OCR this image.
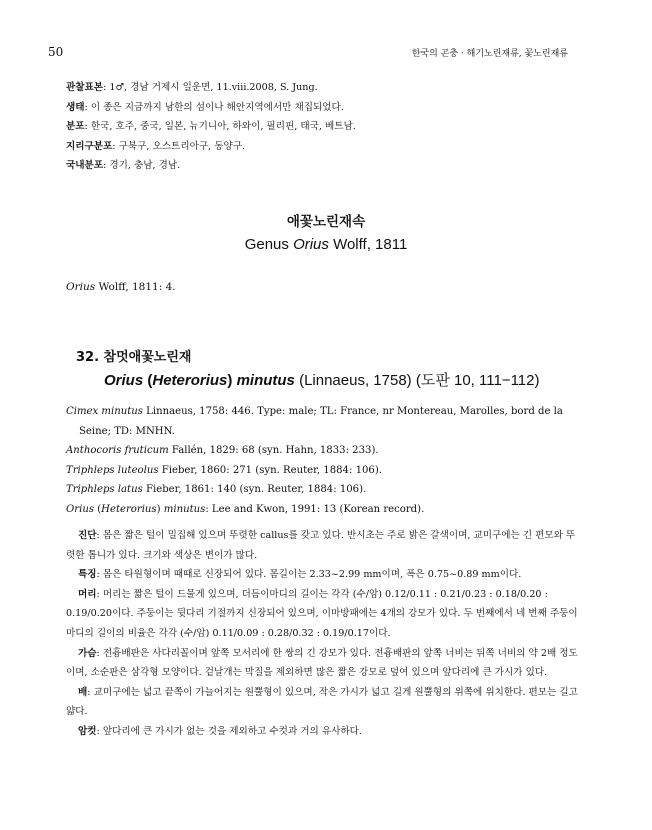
50	한국의 곤충 · 해기노린재류, 꽃노린재류
관찰표본: 1♂, 경남 거제시 일운면, 11.viii.2008, S. Jung.
생태: 이 종은 지금까지 남한의 섬이나 해안지역에서만 채집되었다.
분포: 한국, 호주, 중국, 일본, 뉴기니아, 하와이, 필리핀, 태국, 베트남.
지리구분포: 구북구, 오스트리아구, 동양구.
국내분포: 경기, 충남, 경남.
애꽃노린재속
Genus Orius Wolff, 1811
Orius Wolff, 1811: 4.
32. 참멋애꽃노린재
Orius (Heterorius) minutus (Linnaeus, 1758) (도판 10, 111−112)

Cimex minutus Linnaeus, 1758: 446. Type: male; TL: France, nr Montereau, Marolles, bord de la

Seine; TD: MNHN.

Anthocoris fruticum Fallén, 1829: 68 (syn. Hahn, 1833: 233).

Triphleps luteolus Fieber, 1860: 271 (syn. Reuter, 1884: 106).

Triphleps latus Fieber, 1861: 140 (syn. Reuter, 1884: 106).

Orius (Heterorius) minutus: Lee and Kwon, 1991: 13 (Korean record).

진단: 몸은 짧은 털이 밀집해 있으며 뚜렷한 callus를 갖고 있다. 반시초는 주로 밝은 갈색이며, 교미구에는 긴 편모와 뚜렷한 톱니가 있다. 크기와 색상은 변이가 많다.

특징: 몸은 타원형이며 때때로 신장되어 있다. 몸길이는 2.33~2.99 mm이며, 폭은 0.75~0.89 mm이다.

머리: 머리는 짧은 털이 드물게 있으며, 더듬이마디의 길이는 각각 (수/암) 0.12/0.11 : 0.21/0.23 : 0.18/0.20 : 0.19/0.20이다. 주둥이는 뒷다리 기절까지 신장되어 있으며, 이마방패에는 4개의 강모가 있다. 두 번째에서 네 번째 주둥이마디의 길이의 비율은 각각 (수/암) 0.11/0.09 : 0.28/0.32 : 0.19/0.17이다.

가슴: 전흉배판은 사다리꼴이며 앞쪽 모서리에 한 쌍의 긴 강모가 있다. 전흉배판의 앞쪽 너비는 뒤쪽 너비의 약 2배 정도이며, 소순판은 삼각형 모양이다. 겉날개는 막질을 제외하면 많은 짧은 강모로 덮여 있으며 앞다리에 큰 가시가 있다.

배: 교미구에는 넓고 끝쪽이 가늘어지는 원뿔형이 있으며, 작은 가시가 넓고 길게 원뿔형의 위쪽에 위치한다. 편모는 길고 얇다.

암컷: 앞다리에 큰 가시가 없는 것을 제외하고 수컷과 거의 유사하다.
